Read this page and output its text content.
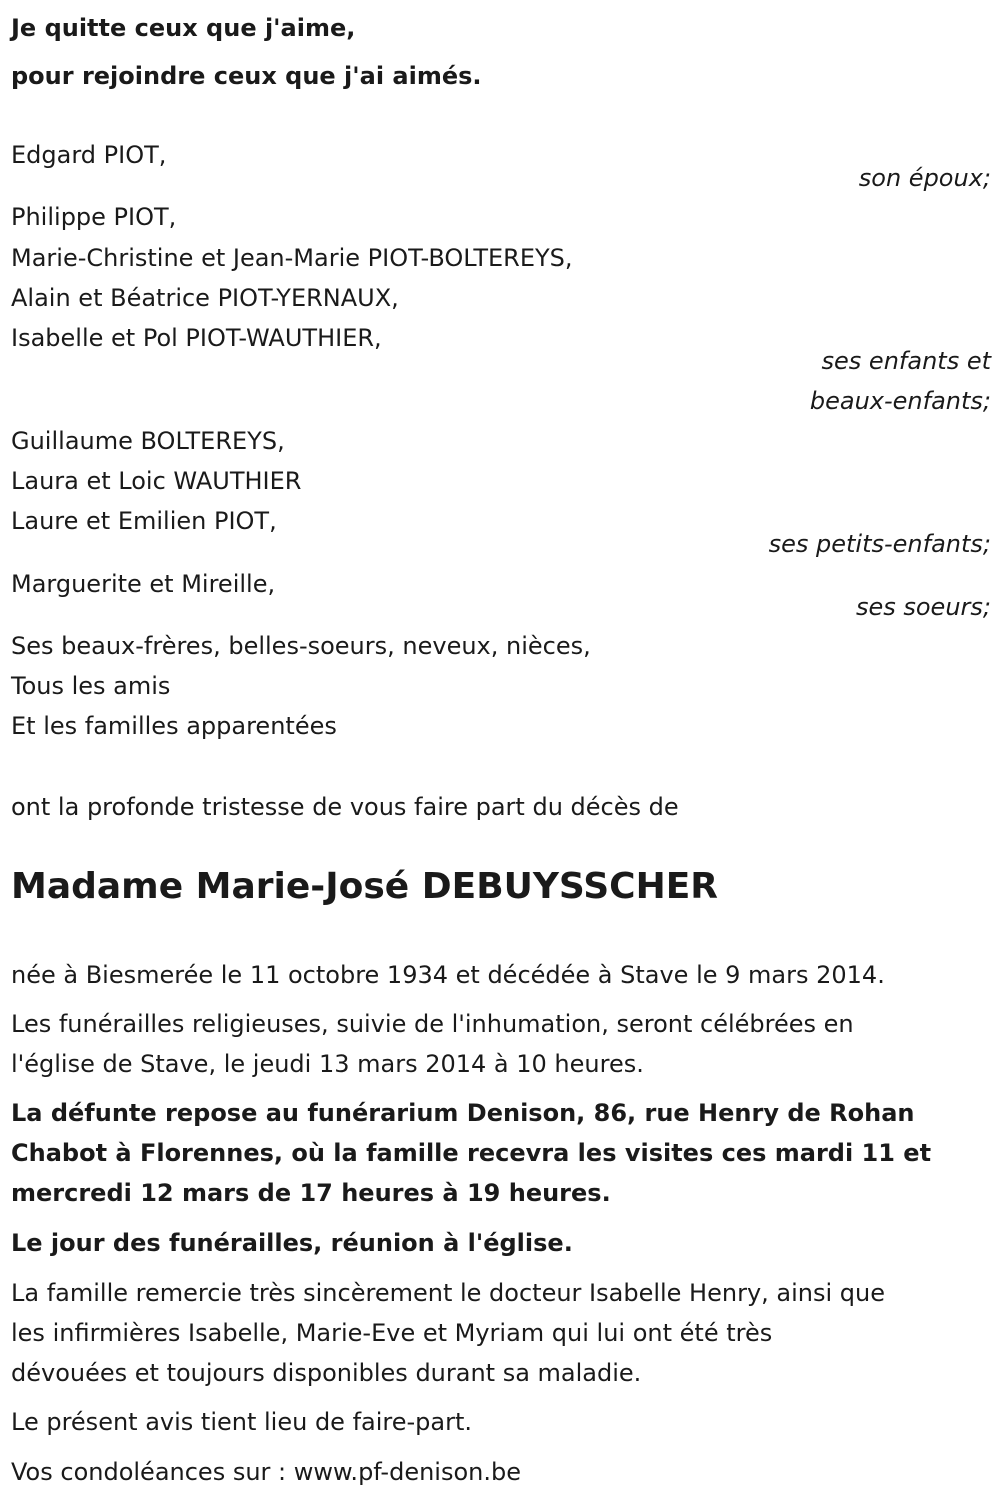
Je quitte ceux que j'aime,
pour rejoindre ceux que j'ai aimés.
Edgard PIOT,
son époux;
Philippe PIOT,
Marie-Christine et Jean-Marie PIOT-BOLTEREYS,
Alain et Béatrice PIOT-YERNAUX,
Isabelle et Pol PIOT-WAUTHIER,
ses enfants et
beaux-enfants;
Guillaume BOLTEREYS,
Laura et Loic WAUTHIER
Laure et Emilien PIOT,
ses petits-enfants;
Marguerite et Mireille,
ses soeurs;
Ses beaux-frères, belles-soeurs, neveux, nièces,
Tous les amis
Et les familles apparentées
ont la profonde tristesse de vous faire part du décès de
Madame Marie-José DEBUYSSCHER
née à Biesmerée le 11 octobre 1934 et décédée à Stave le 9 mars 2014.
Les funérailles religieuses, suivie de l'inhumation, seront célébrées en
l'église de Stave, le jeudi 13 mars 2014 à 10 heures.
La défunte repose au funérarium Denison, 86, rue Henry de Rohan
Chabot à Florennes, où la famille recevra les visites ces mardi 11 et
mercredi 12 mars de 17 heures à 19 heures.
Le jour des funérailles, réunion à l'église.
La famille remercie très sincèrement le docteur Isabelle Henry, ainsi que
les infirmières Isabelle, Marie-Eve et Myriam qui lui ont été très
dévouées et toujours disponibles durant sa maladie.
Le présent avis tient lieu de faire-part.
Vos condoléances sur : www.pf-denison.be
